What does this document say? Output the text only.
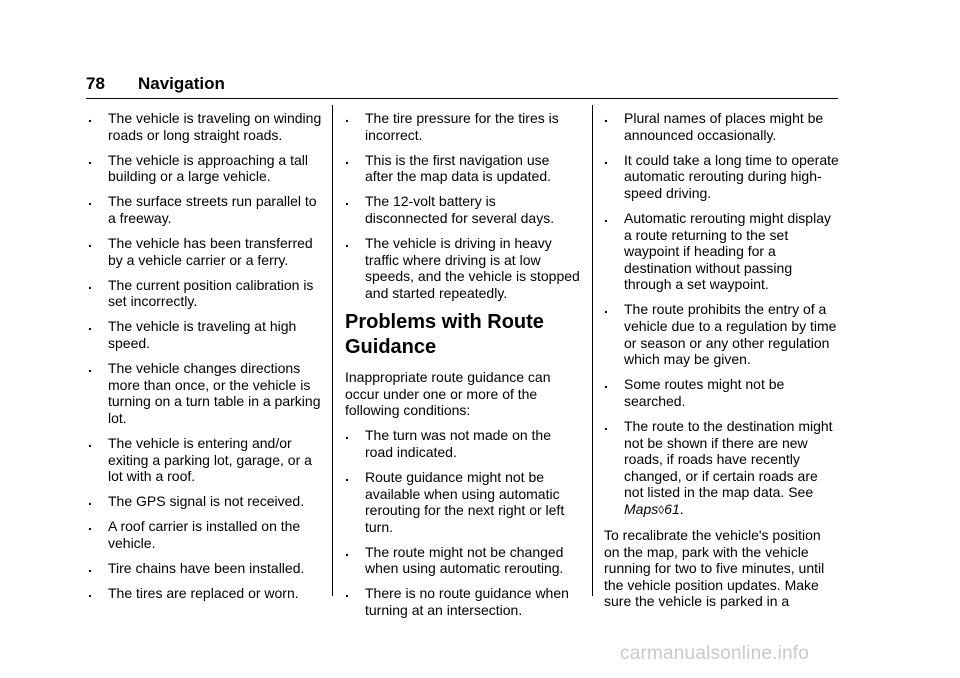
78 Navigation
. The vehicle is traveling on winding roads or long straight roads.
. The vehicle is approaching a tall building or a large vehicle.
. The surface streets run parallel to a freeway.
. The vehicle has been transferred by a vehicle carrier or a ferry.
. The current position calibration is set incorrectly.
. The vehicle is traveling at high speed.
. The vehicle changes directions more than once, or the vehicle is turning on a turn table in a parking lot.
. The vehicle is entering and/or exiting a parking lot, garage, or a lot with a roof.
. The GPS signal is not received.
. A roof carrier is installed on the vehicle.
. Tire chains have been installed.
. The tires are replaced or worn.
. The tire pressure for the tires is incorrect.
. This is the first navigation use after the map data is updated.
. The 12-volt battery is disconnected for several days.
. The vehicle is driving in heavy traffic where driving is at low speeds, and the vehicle is stopped and started repeatedly.
Problems with Route Guidance
Inappropriate route guidance can occur under one or more of the following conditions:
. The turn was not made on the road indicated.
. Route guidance might not be available when using automatic rerouting for the next right or left turn.
. The route might not be changed when using automatic rerouting.
. There is no route guidance when turning at an intersection.
. Plural names of places might be announced occasionally.
. It could take a long time to operate automatic rerouting during high-speed driving.
. Automatic rerouting might display a route returning to the set waypoint if heading for a destination without passing through a set waypoint.
. The route prohibits the entry of a vehicle due to a regulation by time or season or any other regulation which may be given.
. Some routes might not be searched.
. The route to the destination might not be shown if there are new roads, if roads have recently changed, or if certain roads are not listed in the map data. See Maps◊61.
To recalibrate the vehicle's position on the map, park with the vehicle running for two to five minutes, until the vehicle position updates. Make sure the vehicle is parked in a
carmanualsonline.info
